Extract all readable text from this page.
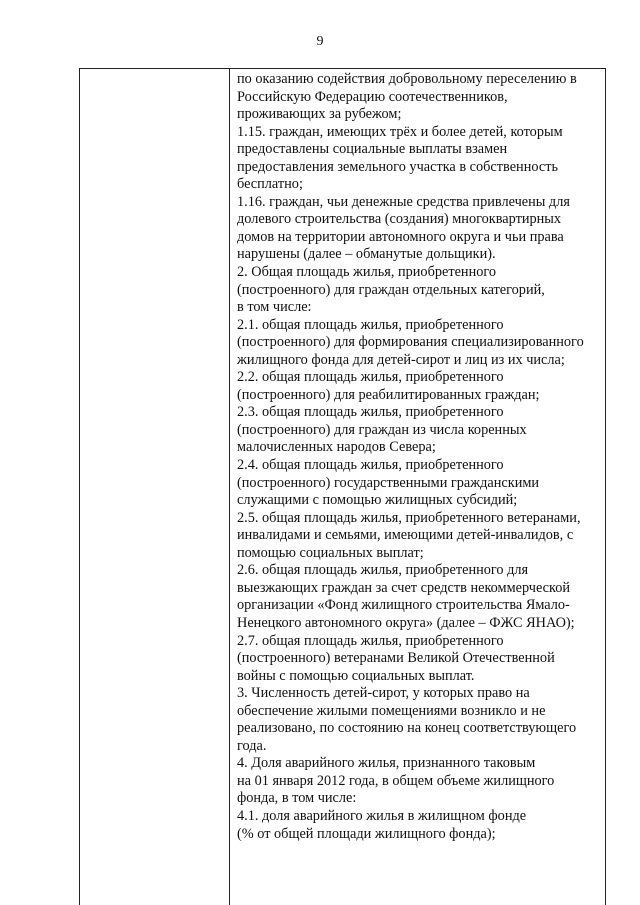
9

по оказанию содействия добровольному переселению в

Российскую Федерацию соотечественников,

проживающих за рубежом;

1.15. граждан, имеющих трёх и более детей, которым

предоставлены социальные выплаты взамен

предоставления земельного участка в собственность

бесплатно;

1.16. граждан, чьи денежные средства привлечены для

долевого строительства (создания) многоквартирных

домов на территории автономного округа и чьи права

нарушены (далее – обманутые дольщики).

2. Общая площадь жилья, приобретенного

(построенного) для граждан отдельных категорий,

в том числе:

2.1. общая площадь жилья, приобретенного

(построенного) для формирования специализированного

жилищного фонда для детей-сирот и лиц из их числа;

2.2. общая площадь жилья, приобретенного

(построенного) для реабилитированных граждан;

2.3. общая площадь жилья, приобретенного

(построенного) для граждан из числа коренных

малочисленных народов Севера;

2.4. общая площадь жилья, приобретенного

(построенного) государственными гражданскими

служащими с помощью жилищных субсидий;

2.5. общая площадь жилья, приобретенного ветеранами,

инвалидами и семьями, имеющими детей-инвалидов, с

помощью социальных выплат;

2.6. общая площадь жилья, приобретенного для

выезжающих граждан за счет средств некоммерческой

организации «Фонд жилищного строительства Ямало-

Ненецкого автономного округа» (далее – ФЖС ЯНАО);

2.7. общая площадь жилья, приобретенного

(построенного) ветеранами Великой Отечественной

войны с помощью социальных выплат.

3. Численность детей-сирот, у которых право на

обеспечение жилыми помещениями возникло и не

реализовано, по состоянию на конец соответствующего

года.

4. Доля аварийного жилья, признанного таковым

на 01 января 2012 года, в общем объеме жилищного

фонда, в том числе:

4.1. доля аварийного жилья в жилищном фонде

(% от общей площади жилищного фонда);
